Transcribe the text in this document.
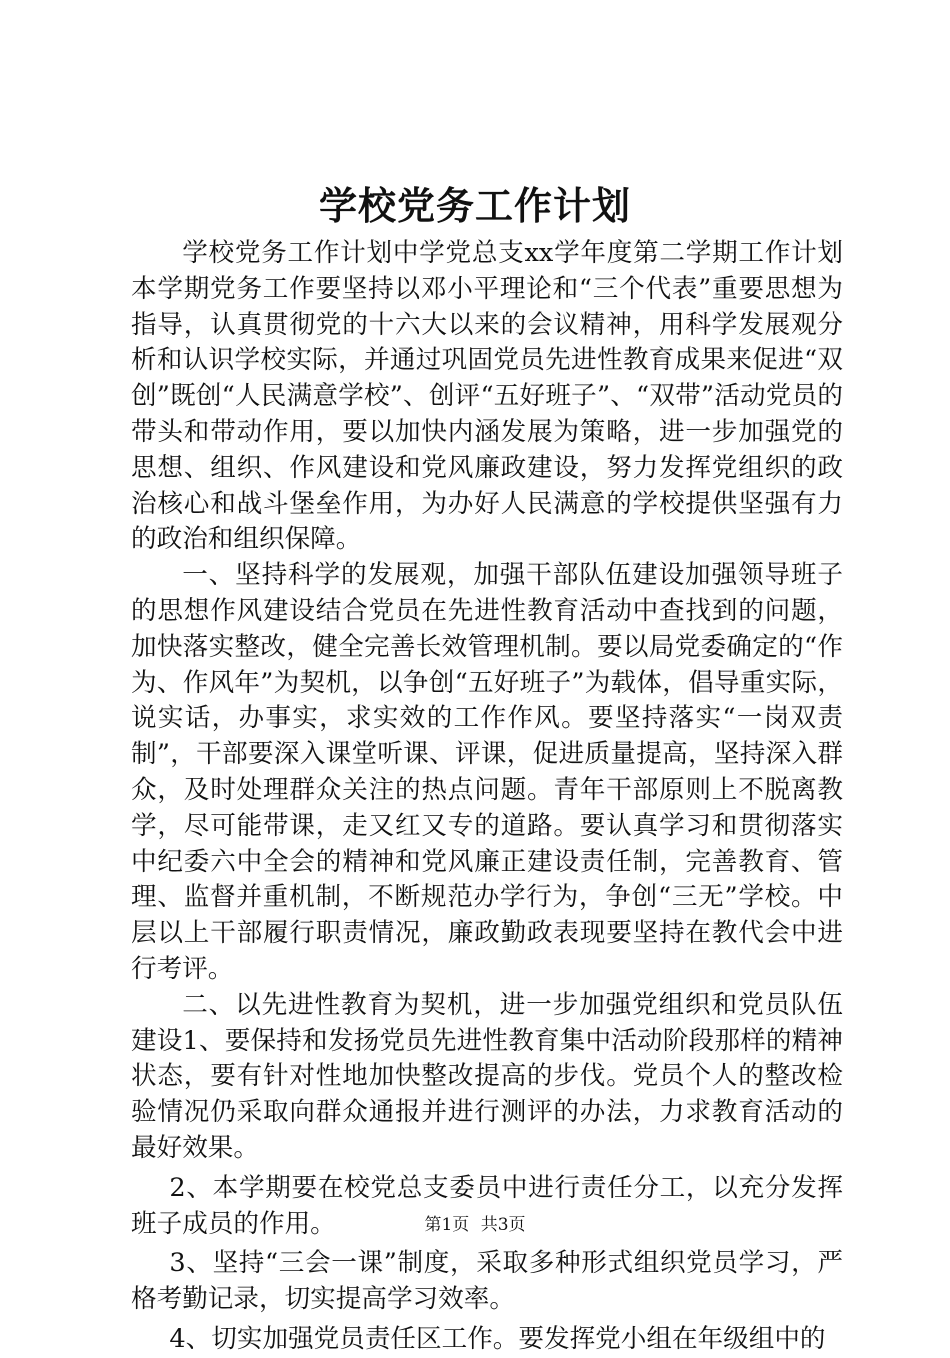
学校党务工作计划

学校党务工作计划中学党总支xx学年度第二学期工作计划本学期党务工作要坚持以邓小平理论和“三个代表”重要思想为指导，认真贯彻党的十六大以来的会议精神，用科学发展观分析和认识学校实际，并通过巩固党员先进性教育成果来促进“双创”既创“人民满意学校”、创评“五好班子”、“双带”活动党员的带头和带动作用，要以加快内涵发展为策略，进一步加强党的思想、组织、作风建设和党风廉政建设，努力发挥党组织的政治核心和战斗堡垒作用，为办好人民满意的学校提供坚强有力的政治和组织保障。

一、坚持科学的发展观，加强干部队伍建设加强领导班子的思想作风建设结合党员在先进性教育活动中查找到的问题，加快落实整改，健全完善长效管理机制。要以局党委确定的“作为、作风年”为契机，以争创“五好班子”为载体，倡导重实际，说实话，办事实，求实效的工作作风。要坚持落实“一岗双责制”，干部要深入课堂听课、评课，促进质量提高，坚持深入群众，及时处理群众关注的热点问题。青年干部原则上不脱离教学，尽可能带课，走又红又专的道路。要认真学习和贯彻落实中纪委六中全会的精神和党风廉正建设责任制，完善教育、管理、监督并重机制，不断规范办学行为，争创“三无”学校。中层以上干部履行职责情况，廉政勤政表现要坚持在教代会中进行考评。

二、以先进性教育为契机，进一步加强党组织和党员队伍建设1、要保持和发扬党员先进性教育集中活动阶段那样的精神状态，要有针对性地加快整改提高的步伐。党员个人的整改检验情况仍采取向群众通报并进行测评的办法，力求教育活动的最好效果。

2、本学期要在校党总支委员中进行责任分工，以充分发挥班子成员的作用。

3、坚持“三会一课”制度，采取多种形式组织党员学习，严格考勤记录，切实提高学习效率。

4、切实加强党员责任区工作。要发挥党小组在年级组中的

第1页 共3页
